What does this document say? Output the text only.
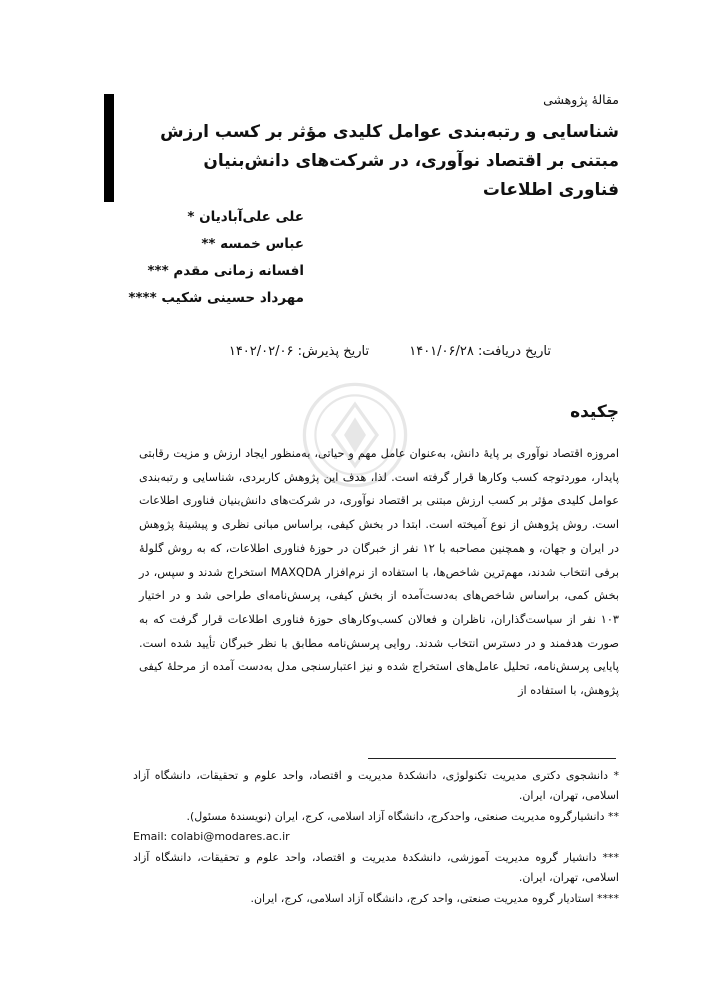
مقالهٔ پژوهشی
شناسایی و رتبه‌بندی عوامل کلیدی مؤثر بر کسب ارزش مبتنی بر اقتصاد نوآوری، در شرکت‌های دانش‌بنیان فناوری اطلاعات
علی علی‌آبادیان *
عباس خمسه **
افسانه زمانی مقدم ***
مهرداد حسینی شکیب ****
تاریخ دریافت: ۱۴۰۱/۰۶/۲۸ تاریخ پذیرش: ۱۴۰۲/۰۲/۰۶
چکیده

امروزه اقتصاد نوآوری بر پایهٔ دانش، به‌عنوان عامل مهم و حیاتی، به‌منظور ایجاد ارزش و مزیت رقابتی پایدار، موردتوجه کسب وکارها قرار گرفته است. لذا، هدف این پژوهش کاربردی، شناسایی و رتبه‌بندی عوامل کلیدی مؤثر بر کسب ارزش مبتنی بر اقتصاد نوآوری، در شرکت‌های دانش‌بنیان فناوری اطلاعات است. روش پژوهش از نوع آمیخته است. ابتدا در بخش کیفی، براساس مبانی نظری و پیشینهٔ پژوهش در ایران و جهان، و همچنین مصاحبه با ۱۲ نفر از خبرگان در حوزهٔ فناوری اطلاعات، که به روش گلولهٔ برفی انتخاب شدند، مهم‌ترین شاخص‌ها، با استفاده از نرم‌افزار MAXQDA استخراج شدند و سپس، در بخش کمی، براساس شاخص‌های به‌دست‌آمده از بخش کیفی، پرسش‌نامه‌ای طراحی شد و در اختیار ۱۰۳ نفر از سیاست‌گذاران، ناظران و فعالان کسب‌وکارهای حوزهٔ فناوری اطلاعات قرار گرفت که به صورت هدفمند و در دسترس انتخاب شدند. روایی پرسش‌نامه مطابق با نظر خبرگان تأیید شده است. پایایی پرسش‌نامه، تحلیل عامل‌های استخراج شده و نیز اعتبارسنجی مدل به‌دست آمده از مرحلهٔ کیفی پژوهش، با استفاده از

* دانشجوی دکتری مدیریت تکنولوژی، دانشکدهٔ مدیریت و اقتصاد، واحد علوم و تحقیقات، دانشگاه آزاد اسلامی، تهران، ایران.
** دانشیارگروه مدیریت صنعتی، واحدکرج، دانشگاه آزاد اسلامی، کرج، ایران (نویسندهٔ مسئول).
Email: colabi@modares.ac.ir
*** دانشیار گروه مدیریت آموزشی، دانشکدهٔ مدیریت و اقتصاد، واحد علوم و تحقیقات، دانشگاه آزاد اسلامی، تهران، ایران.
**** استادیار گروه مدیریت صنعتی، واحد کرج، دانشگاه آزاد اسلامی، کرج، ایران.
